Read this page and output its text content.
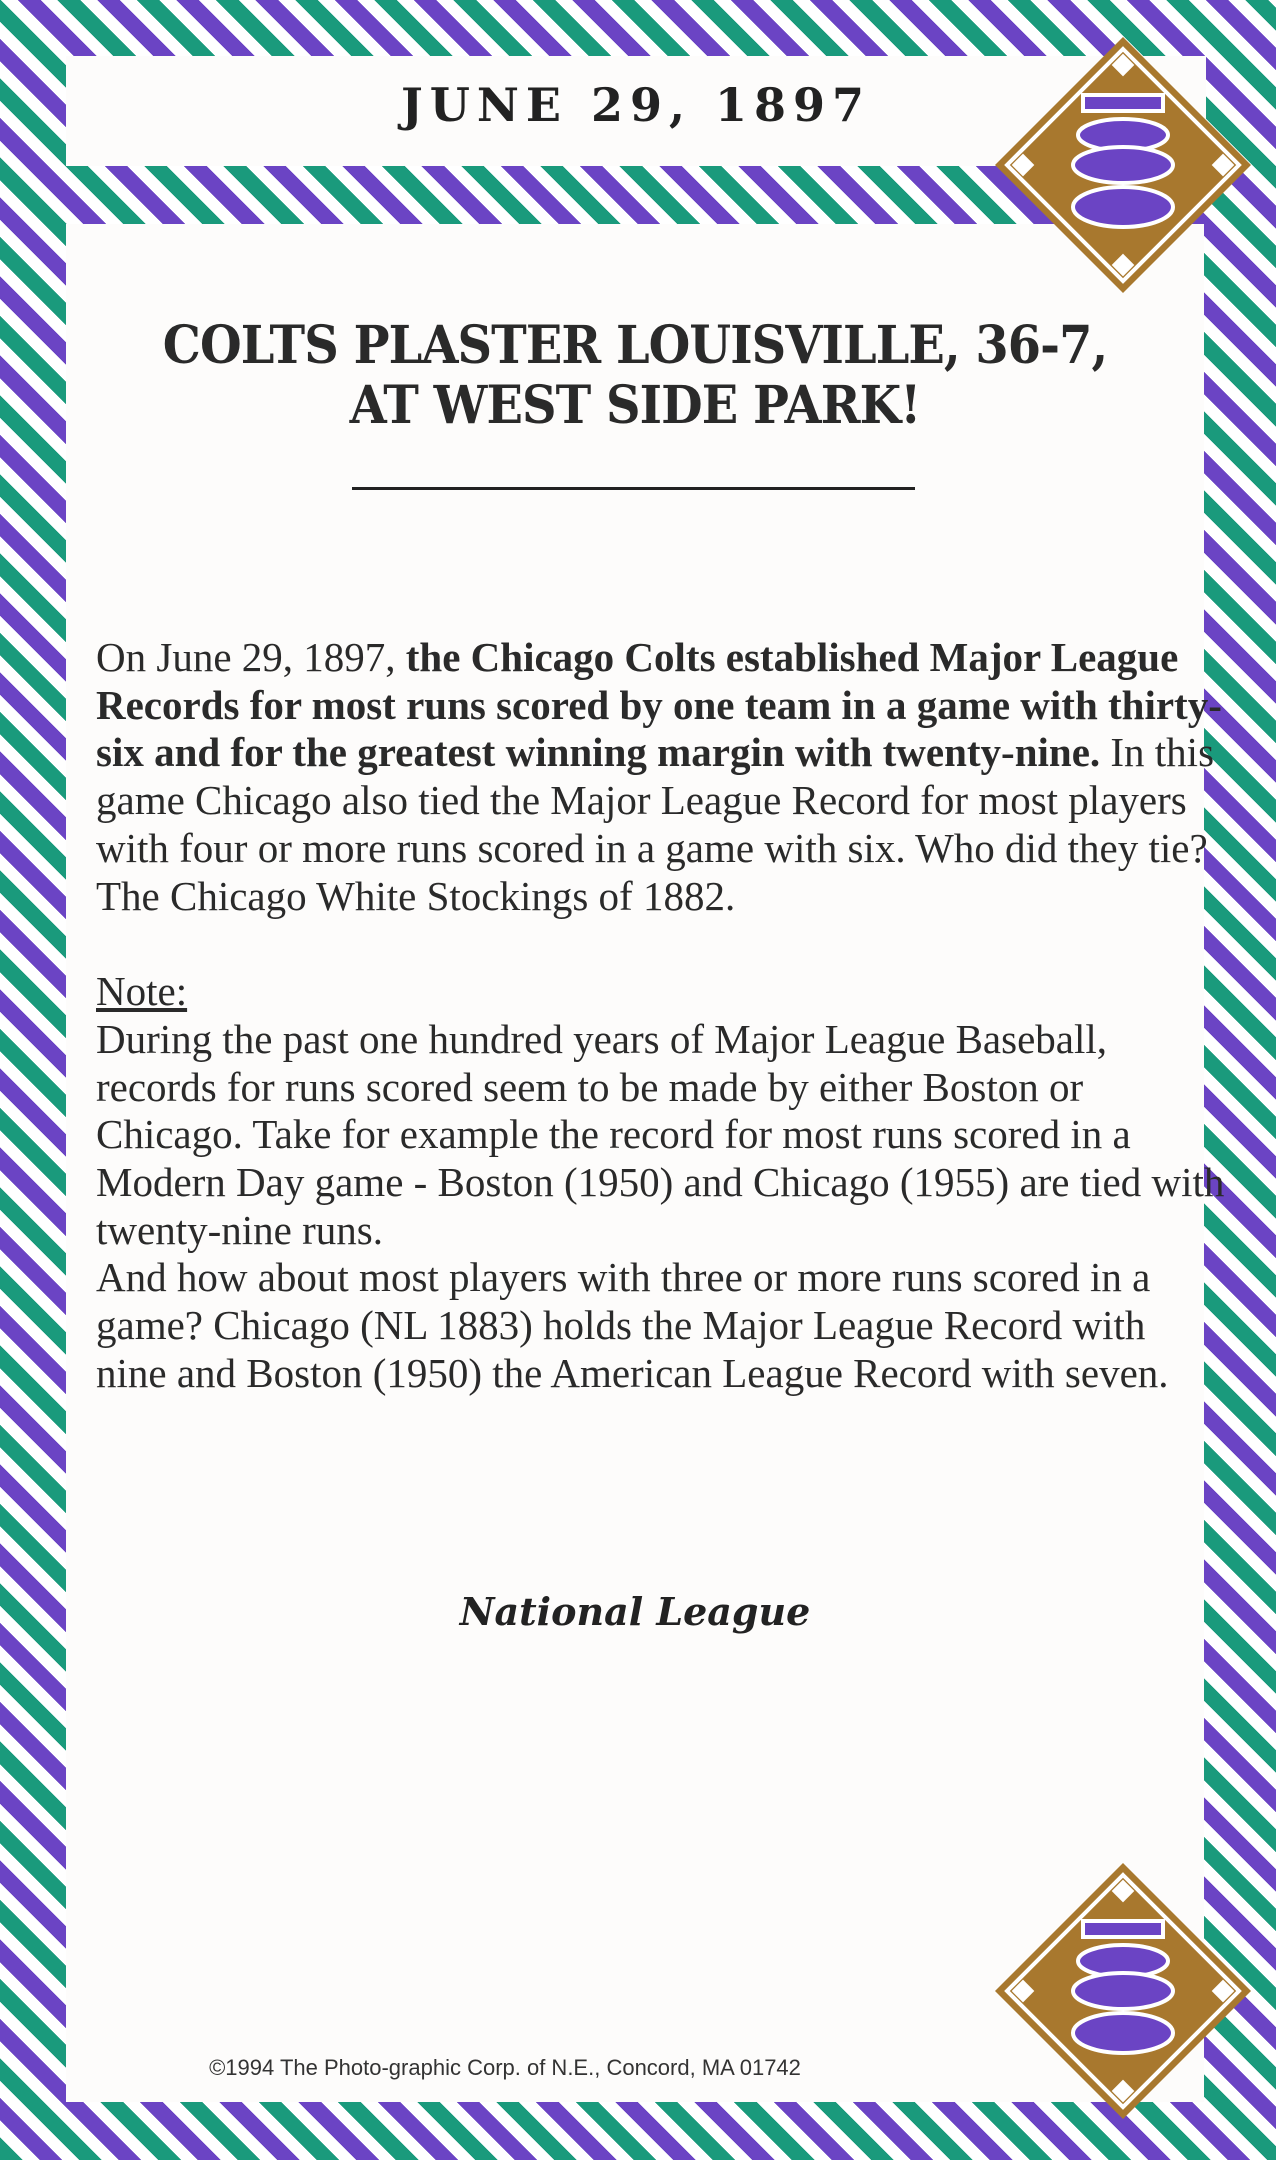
JUNE 29, 1897
COLTS PLASTER LOUISVILLE, 36-7,
AT WEST SIDE PARK!
On June 29, 1897, the Chicago Colts established Major League Records for most runs scored by one team in a game with thirty-six and for the greatest winning margin with twenty-nine. In this game Chicago also tied the Major League Record for most players with four or more runs scored in a game with six. Who did they tie? The Chicago White Stockings of 1882.
Note:
During the past one hundred years of Major League Baseball, records for runs scored seem to be made by either Boston or Chicago. Take for example the record for most runs scored in a Modern Day game - Boston (1950) and Chicago (1955) are tied with twenty-nine runs.
And how about most players with three or more runs scored in a game? Chicago (NL 1883) holds the Major League Record with nine and Boston (1950) the American League Record with seven.
National League
©1994 The Photo-graphic Corp. of N.E., Concord, MA 01742
